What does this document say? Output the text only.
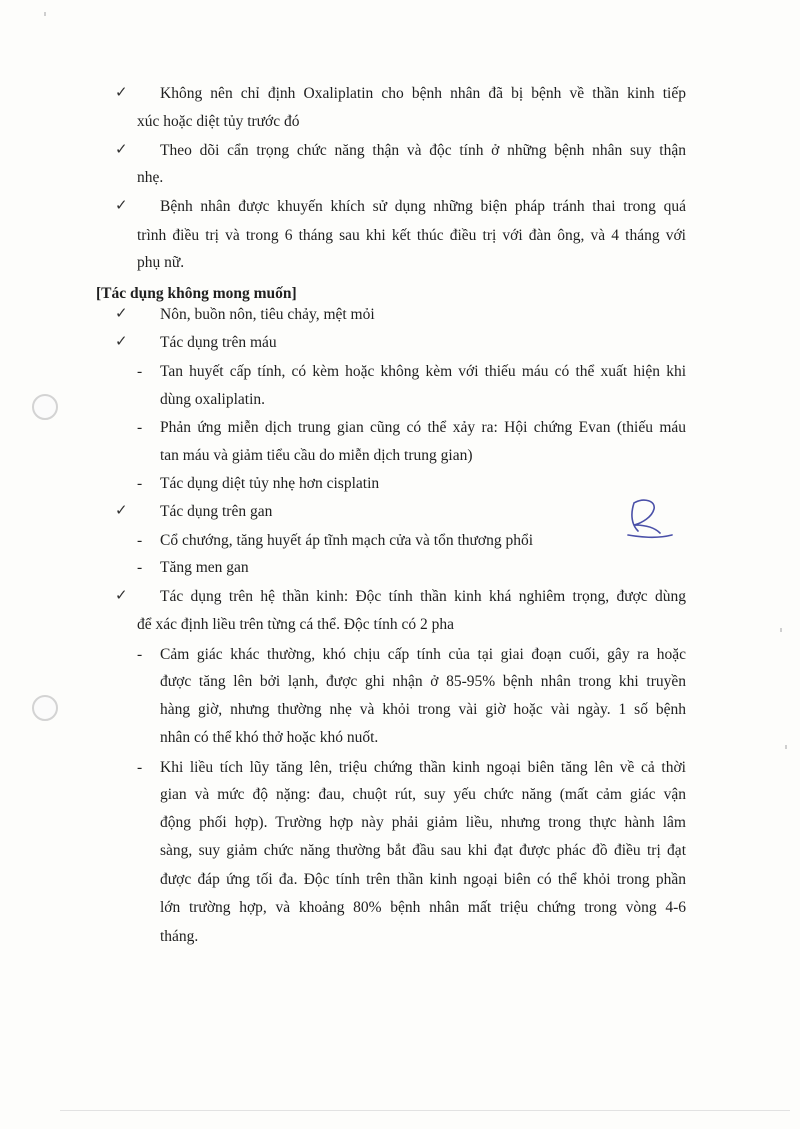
✓ Không nên chỉ định Oxaliplatin cho bệnh nhân đã bị bệnh về thần kinh tiếp
xúc hoặc diệt tủy trước đó
✓ Theo dõi cẩn trọng chức năng thận và độc tính ở những bệnh nhân suy thận
nhẹ.
✓ Bệnh nhân được khuyến khích sử dụng những biện pháp tránh thai trong quá
trình điều trị và trong 6 tháng sau khi kết thúc điều trị với đàn ông, và 4 tháng với
phụ nữ.
[Tác dụng không mong muốn]
✓ Nôn, buồn nôn, tiêu chảy, mệt mỏi
✓ Tác dụng trên máu
- Tan huyết cấp tính, có kèm hoặc không kèm với thiếu máu có thể xuất hiện khi
dùng oxaliplatin.
- Phản ứng miễn dịch trung gian cũng có thể xảy ra: Hội chứng Evan (thiếu máu
tan máu và giảm tiểu cầu do miễn dịch trung gian)
- Tác dụng diệt tủy nhẹ hơn cisplatin
✓ Tác dụng trên gan
- Cổ chướng, tăng huyết áp tĩnh mạch cửa và tổn thương phổi
- Tăng men gan
✓ Tác dụng trên hệ thần kinh: Độc tính thần kinh khá nghiêm trọng, được dùng
để xác định liều trên từng cá thể. Độc tính có 2 pha
- Cảm giác khác thường, khó chịu cấp tính của tại giai đoạn cuối, gây ra hoặc
được tăng lên bởi lạnh, được ghi nhận ở 85-95% bệnh nhân trong khi truyền
hàng giờ, nhưng thường nhẹ và khỏi trong vài giờ hoặc vài ngày. 1 số bệnh
nhân có thể khó thở hoặc khó nuốt.
- Khi liều tích lũy tăng lên, triệu chứng thần kinh ngoại biên tăng lên về cả thời
gian và mức độ nặng: đau, chuột rút, suy yếu chức năng (mất cảm giác vận
động phối hợp). Trường hợp này phải giảm liều, nhưng trong thực hành lâm
sàng, suy giảm chức năng thường bắt đầu sau khi đạt được phác đồ điều trị đạt
được đáp ứng tối đa. Độc tính trên thần kinh ngoại biên có thể khỏi trong phần
lớn trường hợp, và khoảng 80% bệnh nhân mất triệu chứng trong vòng 4-6
tháng.
